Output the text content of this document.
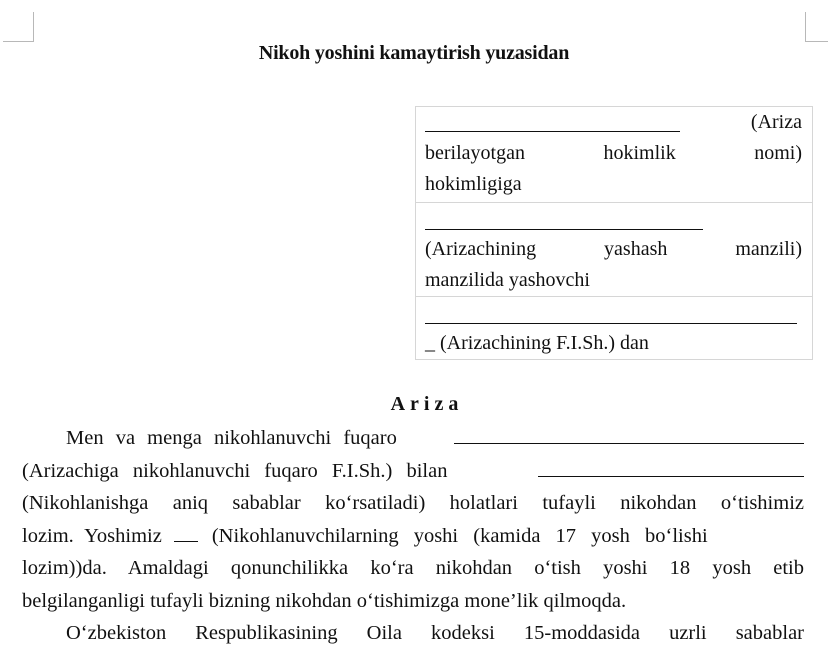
Nikoh yoshini kamaytirish yuzasidan
(Ariza
berilayotgan	hokimlik	nomi)
hokimligiga
(Arizachining	yashash	manzili)
manzilida yashovchi
_ (Arizachining F.I.Sh.) dan
Ariza
Men va menga nikohlanuvchi fuqaro
(Arizachiga nikohlanuvchi fuqaro F.I.Sh.) bilan
(Nikohlanishga aniq sabablar ko‘rsatiladi) holatlari tufayli nikohdan o‘tishimiz
lozim. Yoshimiz (Nikohlanuvchilarning yoshi (kamida 17 yosh bo‘lishi
lozim))da. Amaldagi qonunchilikka ko‘ra nikohdan o‘tish yoshi 18 yosh etib
belgilanganligi tufayli bizning nikohdan o‘tishimizga mone’lik qilmoqda.
O‘zbekiston Respublikasining Oila kodeksi 15-moddasida uzrli sabablar
